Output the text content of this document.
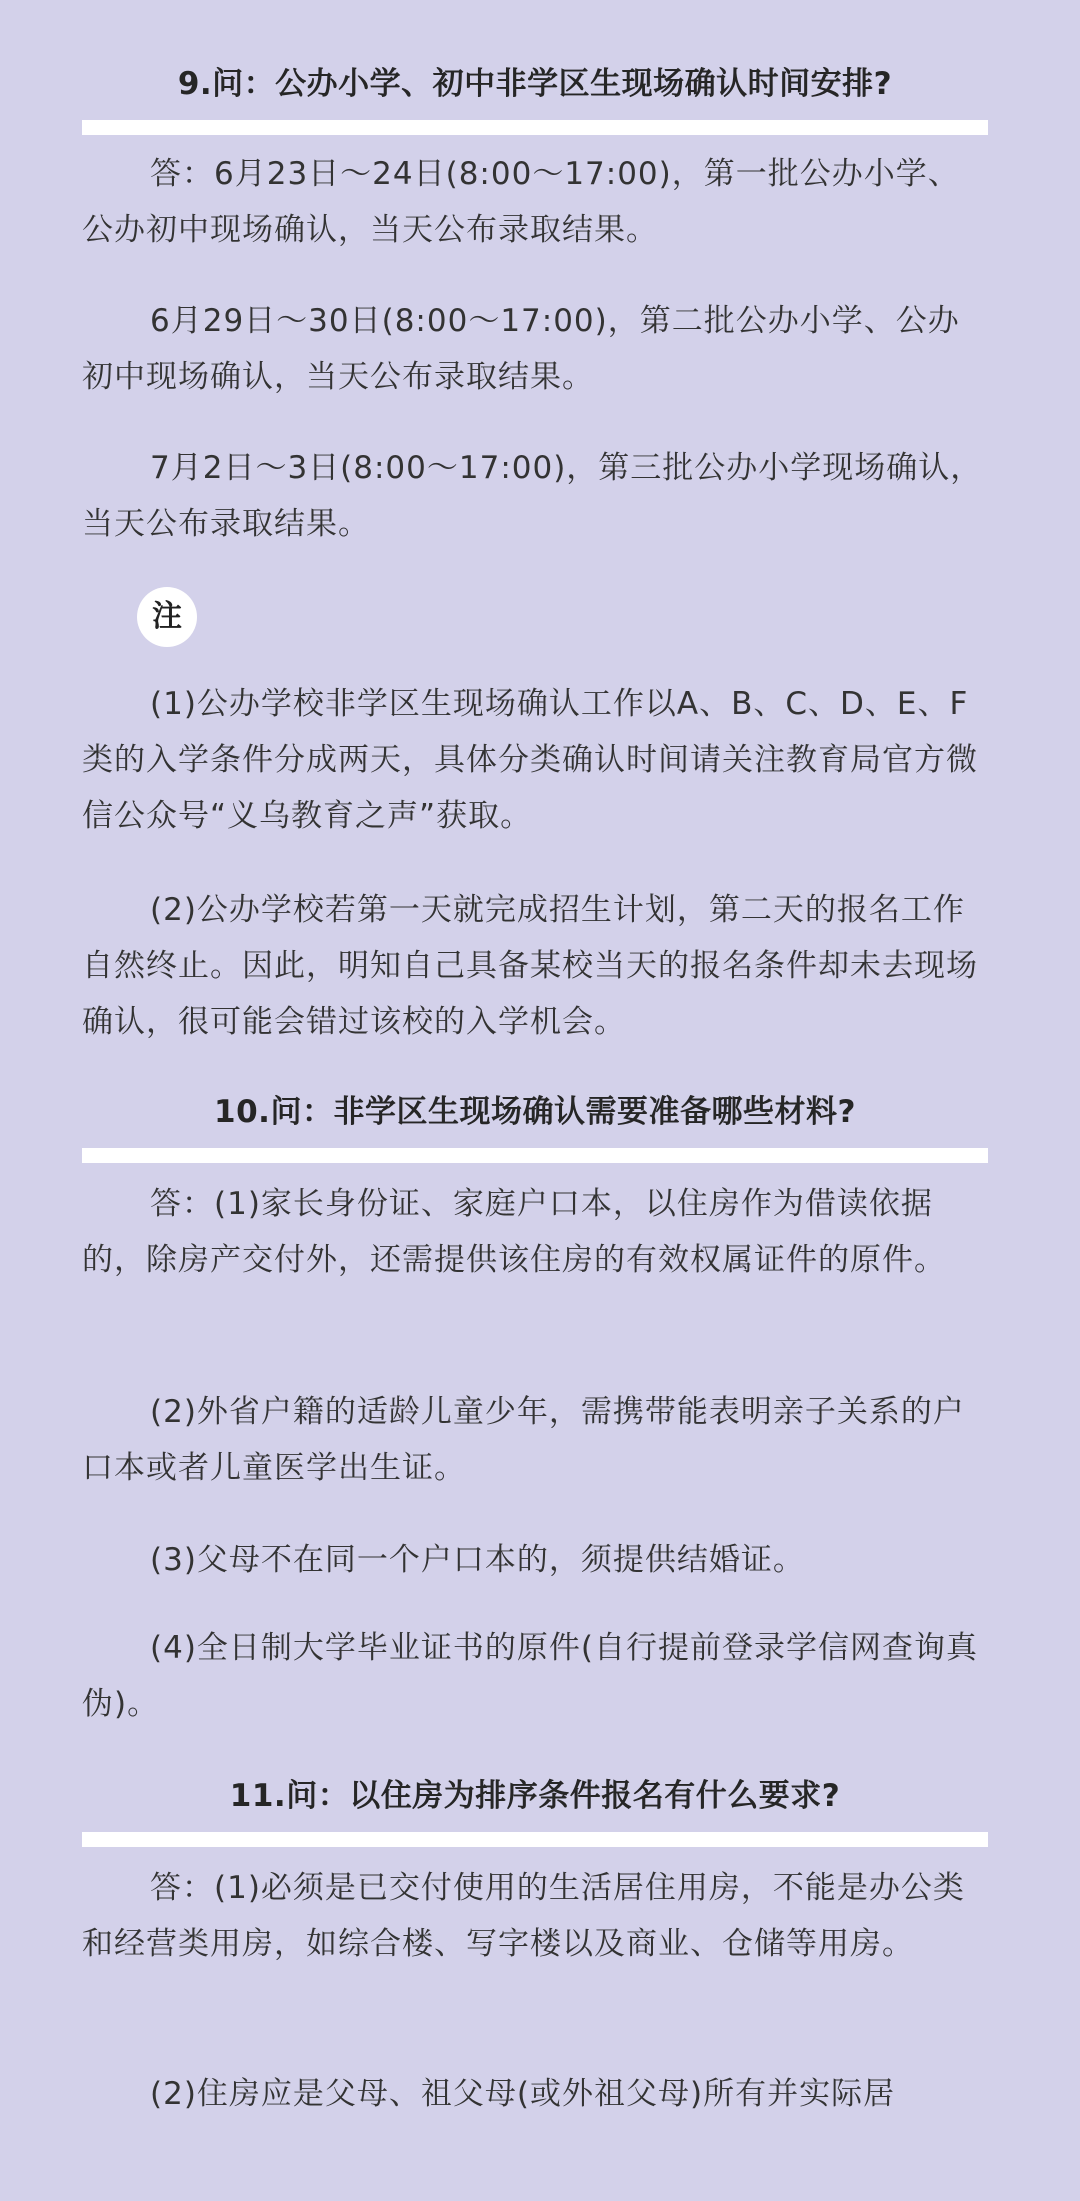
9.问：公办小学、初中非学区生现场确认时间安排?

答：6月23日～24日(8:00～17:00)，第一批公办小学、公办初中现场确认，当天公布录取结果。

6月29日～30日(8:00～17:00)，第二批公办小学、公办初中现场确认，当天公布录取结果。

7月2日～3日(8:00～17:00)，第三批公办小学现场确认，当天公布录取结果。

注

(1)公办学校非学区生现场确认工作以A、B、C、D、E、F类的入学条件分成两天，具体分类确认时间请关注教育局官方微信公众号“义乌教育之声”获取。

(2)公办学校若第一天就完成招生计划，第二天的报名工作自然终止。因此，明知自己具备某校当天的报名条件却未去现场确认，很可能会错过该校的入学机会。

10.问：非学区生现场确认需要准备哪些材料?

答：(1)家长身份证、家庭户口本，以住房作为借读依据的，除房产交付外，还需提供该住房的有效权属证件的原件。

(2)外省户籍的适龄儿童少年，需携带能表明亲子关系的户口本或者儿童医学出生证。

(3)父母不在同一个户口本的，须提供结婚证。

(4)全日制大学毕业证书的原件(自行提前登录学信网查询真伪)。

11.问：以住房为排序条件报名有什么要求?

答：(1)必须是已交付使用的生活居住用房，不能是办公类和经营类用房，如综合楼、写字楼以及商业、仓储等用房。

(2)住房应是父母、祖父母(或外祖父母)所有并实际居
